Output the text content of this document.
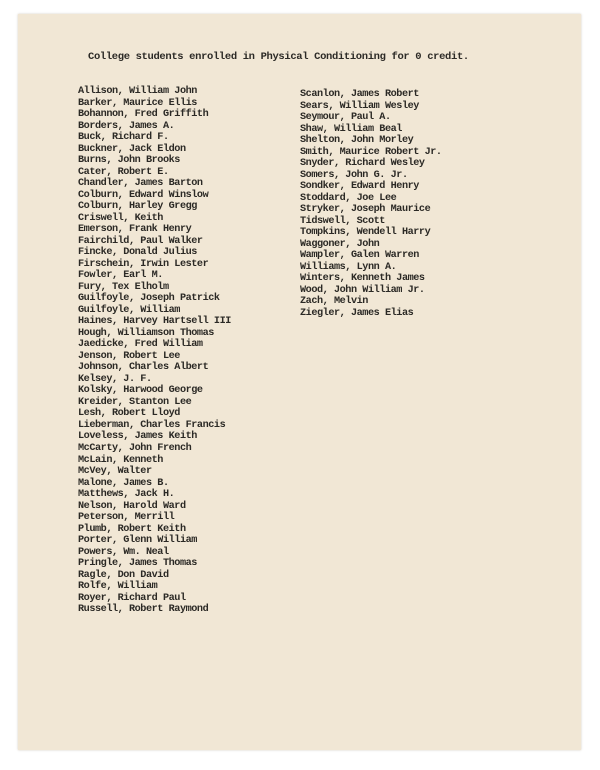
College students enrolled in Physical Conditioning for 0 credit.
Allison, William John
Barker, Maurice Ellis
Bohannon, Fred Griffith
Borders, James A.
Buck, Richard F.
Buckner, Jack Eldon
Burns, John Brooks
Cater, Robert E.
Chandler, James Barton
Colburn, Edward Winslow
Colburn, Harley Gregg
Criswell, Keith
Emerson, Frank Henry
Fairchild, Paul Walker
Fincke, Donald Julius
Firschein, Irwin Lester
Fowler, Earl M.
Fury, Tex Elholm
Guilfoyle, Joseph Patrick
Guilfoyle, William
Haines, Harvey Hartsell III
Hough, Williamson Thomas
Jaedicke, Fred William
Jenson, Robert Lee
Johnson, Charles Albert
Kelsey, J. F.
Kolsky, Harwood George
Kreider, Stanton Lee
Lesh, Robert Lloyd
Lieberman, Charles Francis
Loveless, James Keith
McCarty, John French
McLain, Kenneth
McVey, Walter
Malone, James B.
Matthews, Jack H.
Nelson, Harold Ward
Peterson, Merrill
Plumb, Robert Keith
Porter, Glenn William
Powers, Wm. Neal
Pringle, James Thomas
Ragle, Don David
Rolfe, William
Royer, Richard Paul
Russell, Robert Raymond
Scanlon, James Robert
Sears, William Wesley
Seymour, Paul A.
Shaw, William Beal
Shelton, John Morley
Smith, Maurice Robert Jr.
Snyder, Richard Wesley
Somers, John G. Jr.
Sondker, Edward Henry
Stoddard, Joe Lee
Stryker, Joseph Maurice
Tidswell, Scott
Tompkins, Wendell Harry
Waggoner, John
Wampler, Galen Warren
Williams, Lynn A.
Winters, Kenneth James
Wood, John William Jr.
Zach, Melvin
Ziegler, James Elias
